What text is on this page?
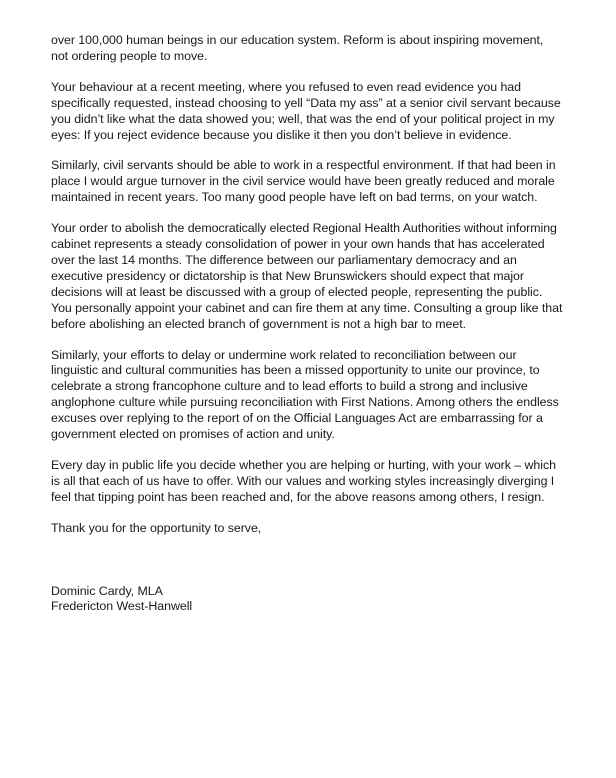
over 100,000 human beings in our education system. Reform is about inspiring movement, not ordering people to move.

Your behaviour at a recent meeting, where you refused to even read evidence you had specifically requested, instead choosing to yell “Data my ass” at a senior civil servant because you didn’t like what the data showed you; well, that was the end of your political project in my eyes: If you reject evidence because you dislike it then you don’t believe in evidence.

Similarly, civil servants should be able to work in a respectful environment. If that had been in place I would argue turnover in the civil service would have been greatly reduced and morale maintained in recent years. Too many good people have left on bad terms, on your watch.

Your order to abolish the democratically elected Regional Health Authorities without informing cabinet represents a steady consolidation of power in your own hands that has accelerated over the last 14 months. The difference between our parliamentary democracy and an executive presidency or dictatorship is that New Brunswickers should expect that major decisions will at least be discussed with a group of elected people, representing the public. You personally appoint your cabinet and can fire them at any time. Consulting a group like that before abolishing an elected branch of government is not a high bar to meet.

Similarly, your efforts to delay or undermine work related to reconciliation between our linguistic and cultural communities has been a missed opportunity to unite our province, to celebrate a strong francophone culture and to lead efforts to build a strong and inclusive anglophone culture while pursuing reconciliation with First Nations. Among others the endless excuses over replying to the report of on the Official Languages Act are embarrassing for a government elected on promises of action and unity.

Every day in public life you decide whether you are helping or hurting, with your work – which is all that each of us have to offer. With our values and working styles increasingly diverging I feel that tipping point has been reached and, for the above reasons among others, I resign.

Thank you for the opportunity to serve,

Dominic Cardy, MLA

Fredericton West-Hanwell
